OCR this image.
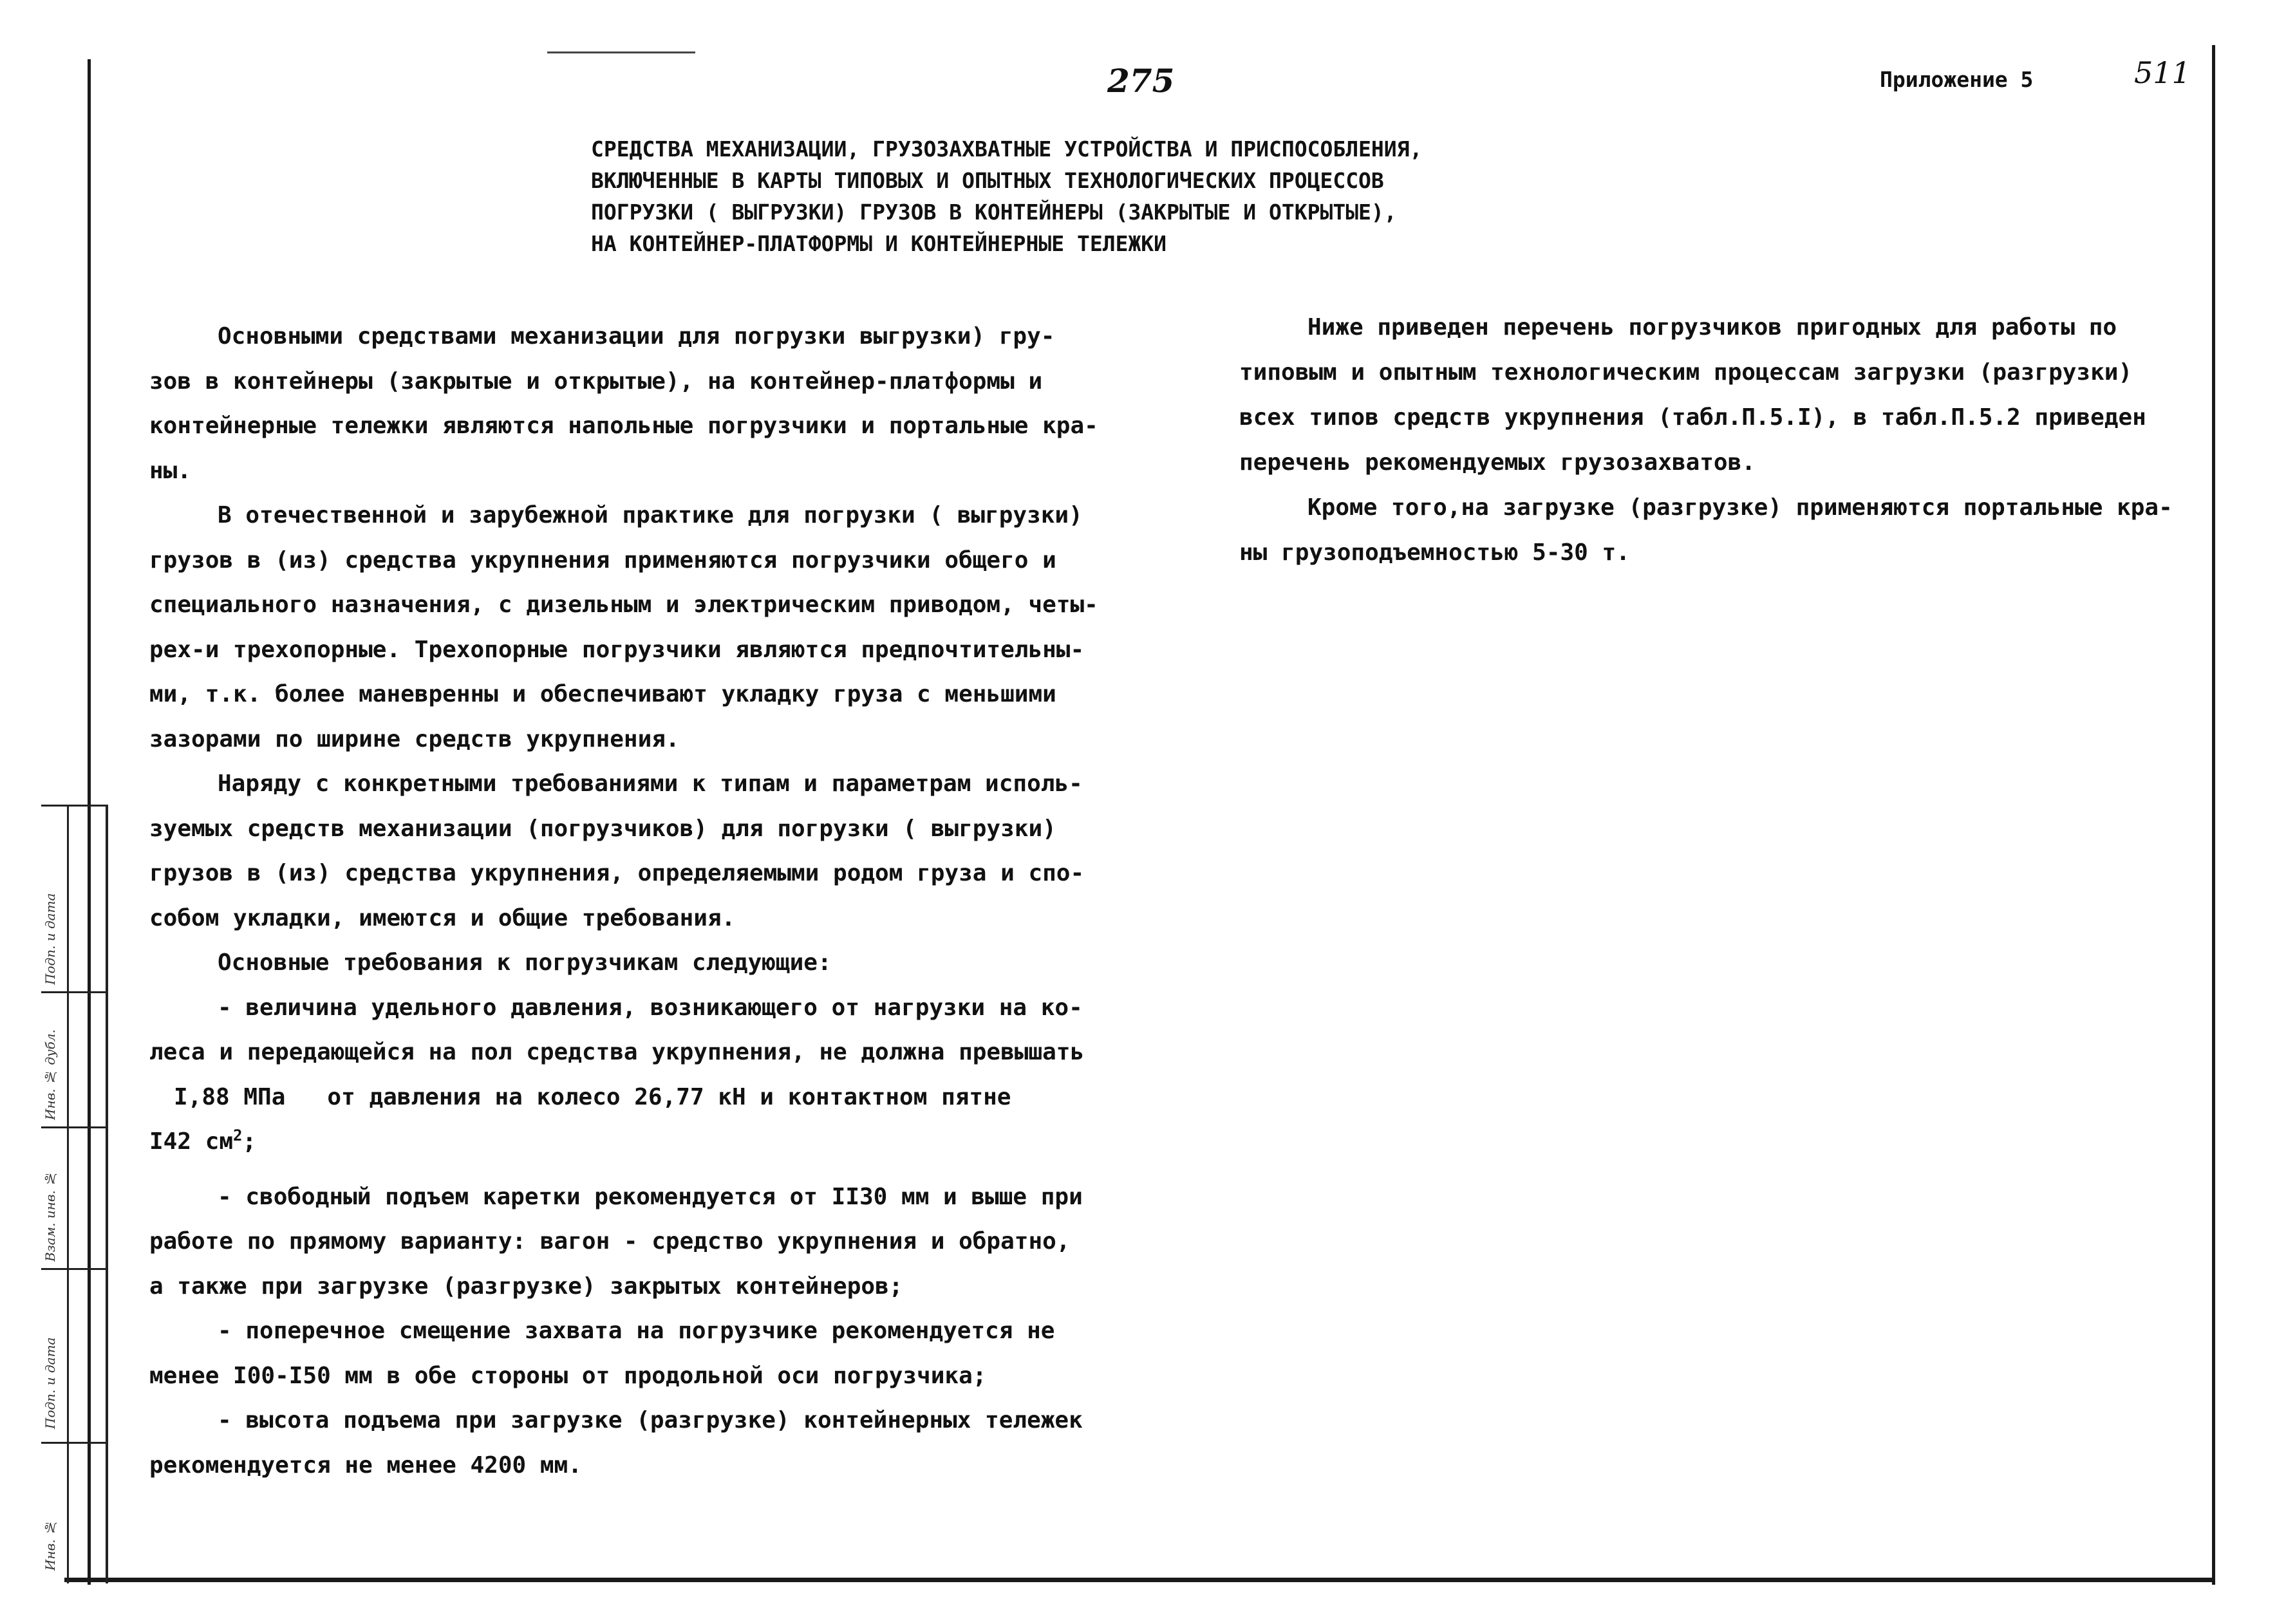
275	Приложение 5	511
СРЕДСТВА МЕХАНИЗАЦИИ, ГРУЗОЗАХВАТНЫЕ УСТРОЙСТВА И ПРИСПОСОБЛЕНИЯ,
ВКЛЮЧЕННЫЕ В КАРТЫ ТИПОВЫХ И ОПЫТНЫХ ТЕХНОЛОГИЧЕСКИХ ПРОЦЕССОВ
ПОГРУЗКИ ( ВЫГРУЗКИ) ГРУЗОВ В КОНТЕЙНЕРЫ (ЗАКРЫТЫЕ И ОТКРЫТЫЕ),
НА КОНТЕЙНЕР-ПЛАТФОРМЫ И КОНТЕЙНЕРНЫЕ ТЕЛЕЖКИ
Основными средствами механизации для погрузки выгрузки) гру-
зов в контейнеры (закрытые и открытые), на контейнер-платформы и
контейнерные тележки являются напольные погрузчики и портальные кра-
ны.
В отечественной и зарубежной практике для погрузки ( выгрузки)
грузов в (из) средства укрупнения применяются погрузчики общего и
специального назначения, с дизельным и электрическим приводом, четы-
рех-и трехопорные. Трехопорные погрузчики являются предпочтительны-
ми, т.к. более маневренны и обеспечивают укладку груза с меньшими
зазорами по ширине средств укрупнения.
Наряду с конкретными требованиями к типам и параметрам исполь-
зуемых средств механизации (погрузчиков) для погрузки ( выгрузки)
грузов в (из) средства укрупнения, определяемыми родом груза и спо-
собом укладки, имеются и общие требования.
Основные требования к погрузчикам следующие:
- величина удельного давления, возникающего от нагрузки на ко-
леса и передающейся на пол средства укрупнения, не должна превышать
I,88 МПа от давления на колесо 26,77 кН и контактном пятне
I42 $см^2$;
- свободный подъем каретки рекомендуется от II30 мм и выше при
работе по прямому варианту: вагон - средство укрупнения и обратно,
а также при загрузке (разгрузке) закрытых контейнеров;
- поперечное смещение захвата на погрузчике рекомендуется не
менее I00-I50 мм в обе стороны от продольной оси погрузчика;
- высота подъема при загрузке (разгрузке) контейнерных тележек
рекомендуется не менее 4200 мм.
Ниже приведен перечень погрузчиков пригодных для работы по
типовым и опытным технологическим процессам загрузки (разгрузки)
всех типов средств укрупнения (табл.П.5.I), в табл.П.5.2 приведен
перечень рекомендуемых грузозахватов.
Кроме того,на загрузке (разгрузке) применяются портальные кра-
ны грузоподъемностью 5-30 т.
Инв. №
Подп. и дата
Взам. инв. №
Инв. № дубл.
Подп. и дата
